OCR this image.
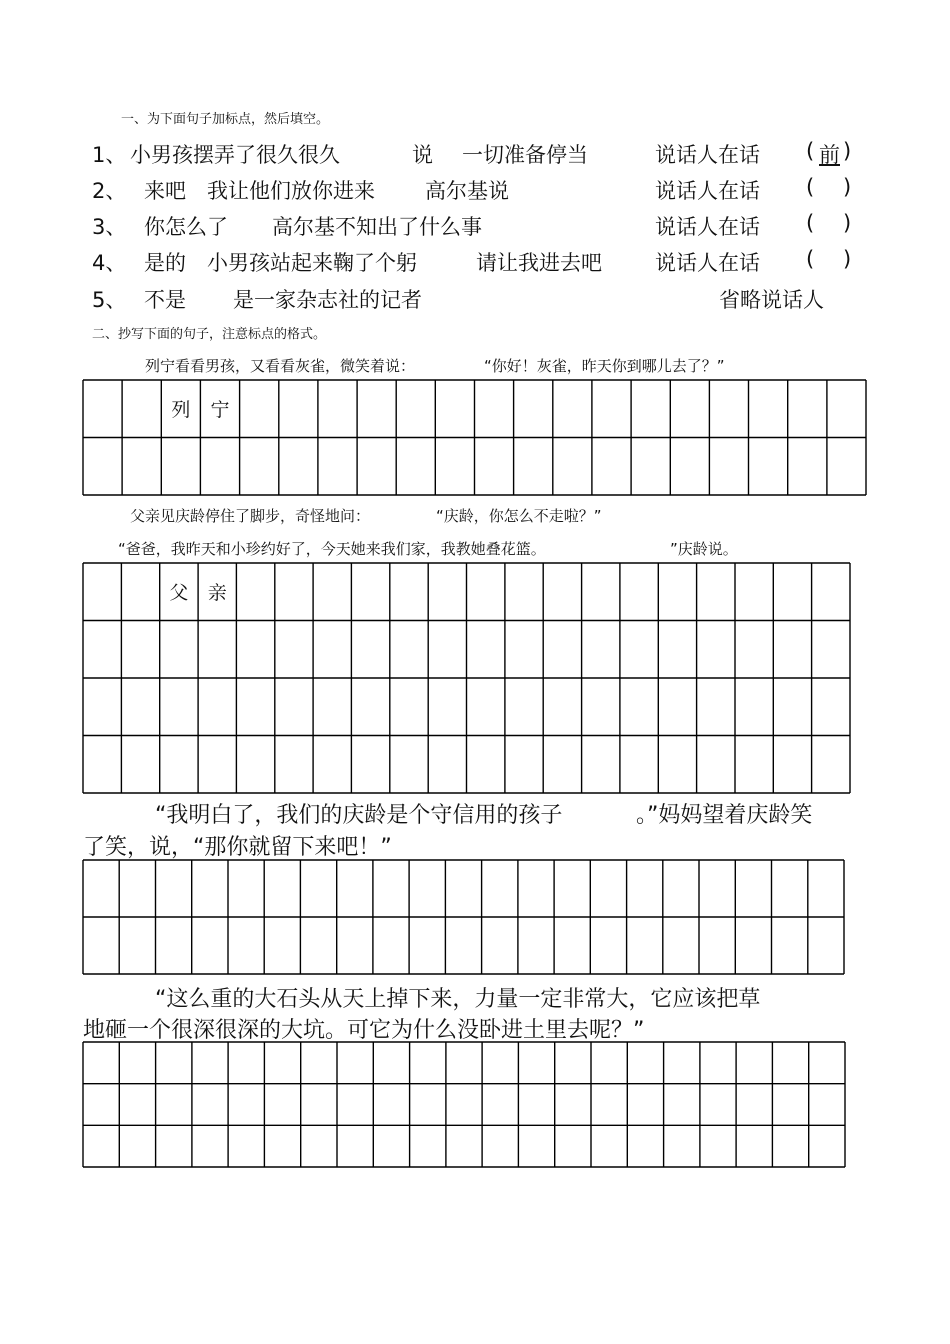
一、为下面句子加标点，然后填空。
1、 小男孩摆弄了很久很久	说 一切准备停当	说话人在话 ( 前 )
2、 来吧 我让他们放你进来 高尔基说	说话人在话 ( )
3、 你怎么了 高尔基不知出了什么事	说话人在话 ( )
4、 是的 小男孩站起来鞠了个躬	请让我进去吧	说话人在话 ( )
5、 不是 是一家杂志社的记者	省略说话人
二、抄写下面的句子，注意标点的格式。
列宁看看男孩，又看看灰雀，微笑着说：	“你好！灰雀，昨天你到哪儿去了？”
列 宁
父亲见庆龄停住了脚步，奇怪地问：	“庆龄，你怎么不走啦？”
“爸爸，我昨天和小珍约好了，今天她来我们家，我教她叠花篮。	”庆龄说。
父 亲
“我明白了，我们的庆龄是个守信用的孩子	。”妈妈望着庆龄笑
了笑，说，“那你就留下来吧！”
“这么重的大石头从天上掉下来，力量一定非常大，它应该把草
地砸一个很深很深的大坑。可它为什么没卧进土里去呢？”
